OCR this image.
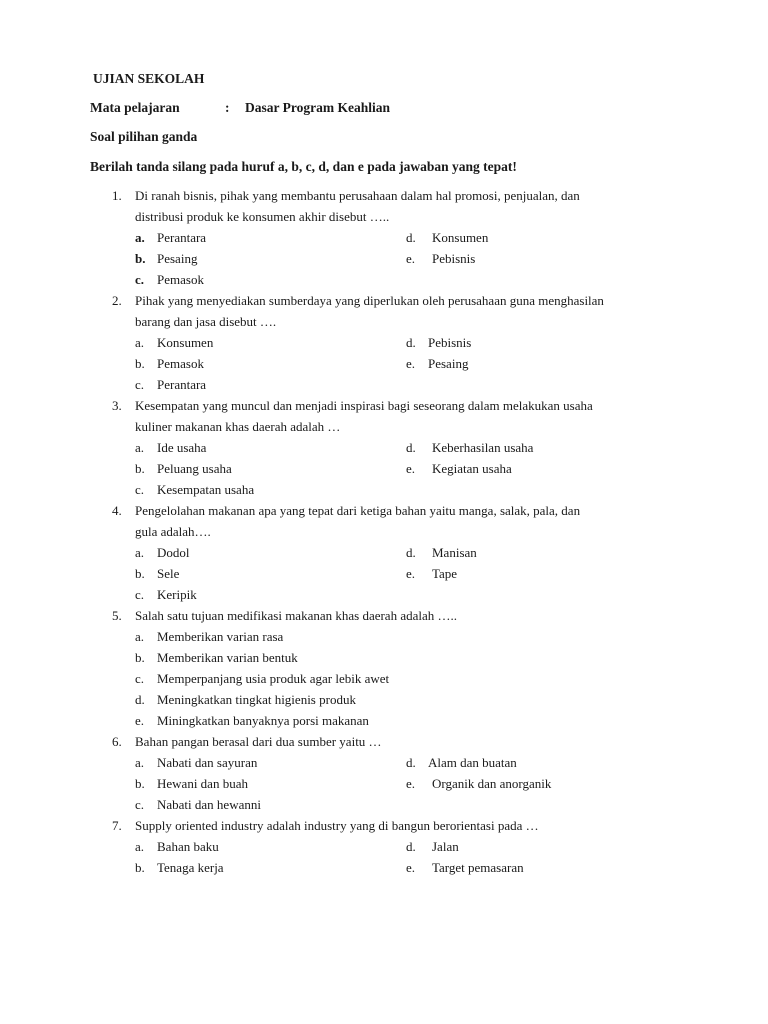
UJIAN SEKOLAH
Mata pelajaran	: Dasar Program Keahlian
Soal pilihan ganda
Berilah tanda silang pada huruf a, b, c, d, dan e pada jawaban yang tepat!
1. Di ranah bisnis, pihak yang membantu perusahaan dalam hal promosi, penjualan, dan
distribusi produk ke konsumen akhir disebut …..
a. Perantara
b. Pesaing
c. Pemasok
d. Konsumen
e. Pebisnis
2. Pihak yang menyediakan sumberdaya yang diperlukan oleh perusahaan guna menghasilan
barang dan jasa disebut ….
a. Konsumen
b. Pemasok
c. Perantara
d. Pebisnis
e. Pesaing
3. Kesempatan yang muncul dan menjadi inspirasi bagi seseorang dalam melakukan usaha
kuliner makanan khas daerah adalah …
a. Ide usaha
b. Peluang usaha
c. Kesempatan usaha
d. Keberhasilan usaha
e. Kegiatan usaha
4. Pengelolahan makanan apa yang tepat dari ketiga bahan yaitu manga, salak, pala, dan
gula adalah….
a. Dodol
b. Sele
c. Keripik
d. Manisan
e. Tape
5. Salah satu tujuan medifikasi makanan khas daerah adalah …..
a. Memberikan varian rasa
b. Memberikan varian bentuk
c. Memperpanjang usia produk agar lebik awet
d. Meningkatkan tingkat higienis produk
e. Miningkatkan banyaknya porsi makanan
6. Bahan pangan berasal dari dua sumber yaitu …
a. Nabati dan sayuran
b. Hewani dan buah
c. Nabati dan hewanni
d. Alam dan buatan
e. Organik dan anorganik
7. Supply oriented industry adalah industry yang di bangun berorientasi pada …
a. Bahan baku
b. Tenaga kerja
d. Jalan
e. Target pemasaran
